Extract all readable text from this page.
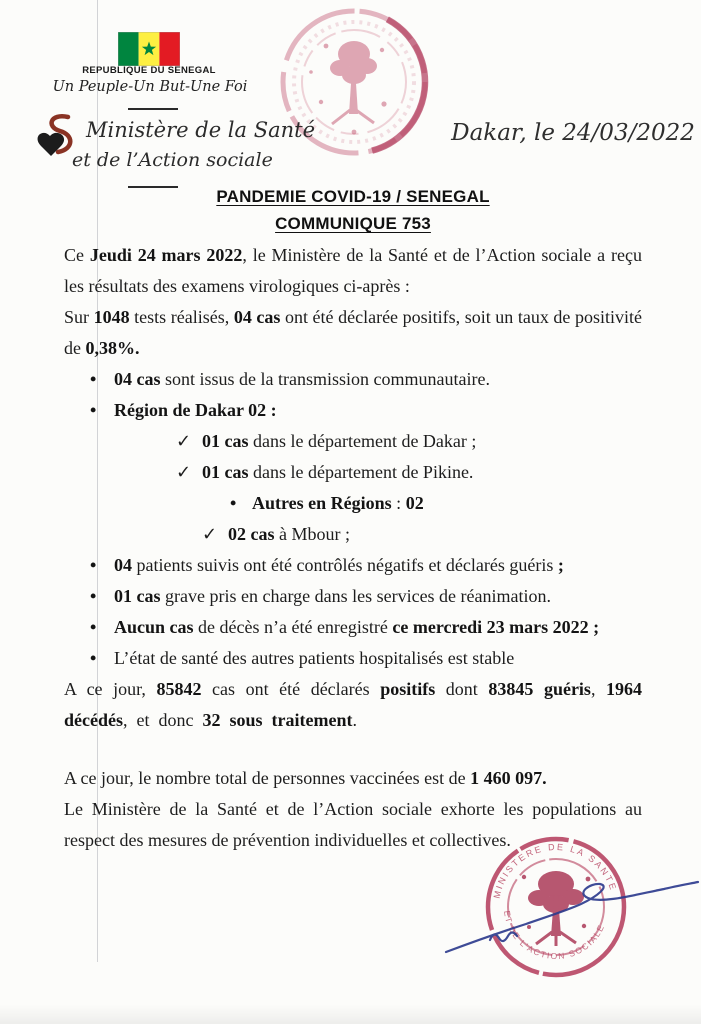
REPUBLIQUE DU SENEGAL
Un Peuple-Un But-Une Foi
Ministère de la Santé
et de l’Action sociale
Dakar, le 24/03/2022
PANDEMIE COVID-19 / SENEGAL
COMMUNIQUE 753

Ce Jeudi 24 mars 2022, le Ministère de la Santé et de l’Action sociale a reçu les résultats des examens virologiques ci-après :

Sur 1048 tests réalisés, 04 cas ont été déclarée positifs, soit un taux de positivité de 0,38%.

• 04 cas sont issus de la transmission communautaire.
• Région de Dakar 02 :
✓ 01 cas dans le département de Dakar ;
✓ 01 cas dans le département de Pikine.
• Autres en Régions : 02
✓ 02 cas à Mbour ;
• 04 patients suivis ont été contrôlés négatifs et déclarés guéris ;
• 01 cas grave pris en charge dans les services de réanimation.
• Aucun cas de décès n’a été enregistré ce mercredi 23 mars 2022 ;
• L’état de santé des autres patients hospitalisés est stable

A ce jour, 85842 cas ont été déclarés positifs dont 83845 guéris, 1964 décédés, et donc 32 sous traitement.

A ce jour, le nombre total de personnes vaccinées est de 1 460 097.

Le Ministère de la Santé et de l’Action sociale exhorte les populations au respect des mesures de prévention individuelles et collectives.

MINISTERE DE LA SANTE
ET DE L’ACTION SOCIALE
